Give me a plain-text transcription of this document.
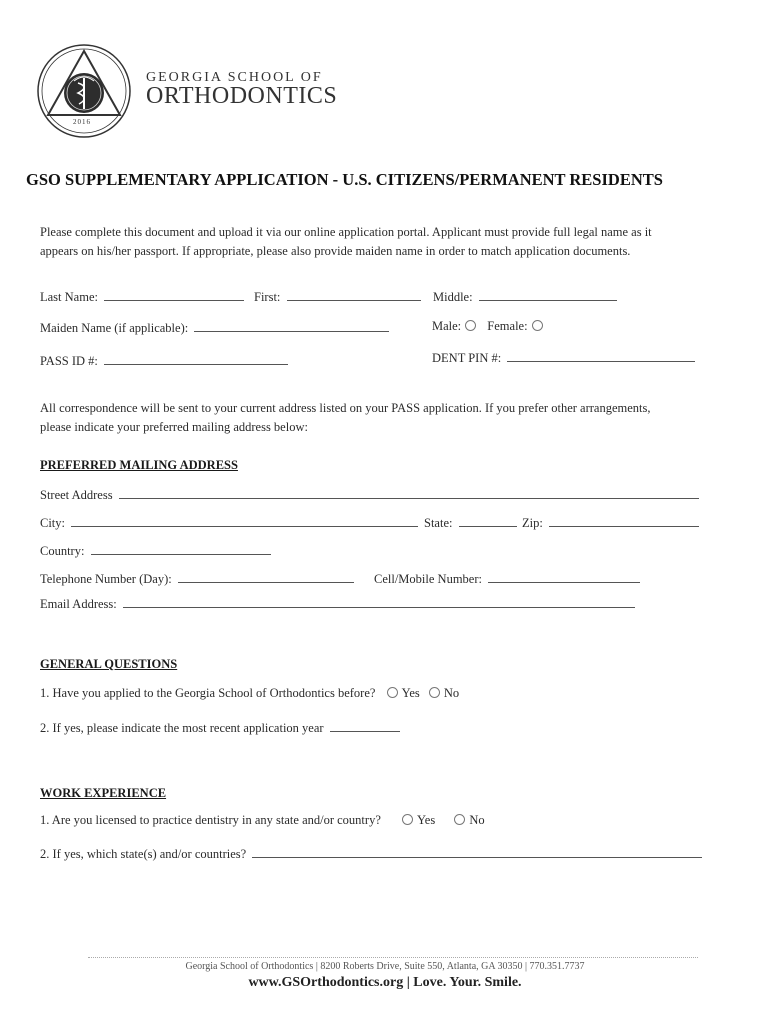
2016
GEORGIA SCHOOL OF
ORTHODONTICS
GSO SUPPLEMENTARY APPLICATION - U.S. CITIZENS/PERMANENT RESIDENTS
Please complete this document and upload it via our online application portal. Applicant must provide full legal name as it
appears on his/her passport. If appropriate, please also provide maiden name in order to match application documents.
Last Name:	First:	Middle:
Maiden Name (if applicable):	Male: Female:
PASS ID #:	DENT PIN #:
All correspondence will be sent to your current address listed on your PASS application. If you prefer other arrangements,
please indicate your preferred mailing address below:
PREFERRED MAILING ADDRESS
Street Address
City:	State:	Zip:
Country:
Telephone Number (Day):	Cell/Mobile Number:
Email Address:
GENERAL QUESTIONS
1. Have you applied to the Georgia School of Orthodontics before? Yes No
2. If yes, please indicate the most recent application year
WORK EXPERIENCE
1. Are you licensed to practice dentistry in any state and/or country?	Yes	No
2. If yes, which state(s) and/or countries?
Georgia School of Orthodontics | 8200 Roberts Drive, Suite 550, Atlanta, GA 30350 | 770.351.7737
www.GSOrthodontics.org | Love. Your. Smile.
